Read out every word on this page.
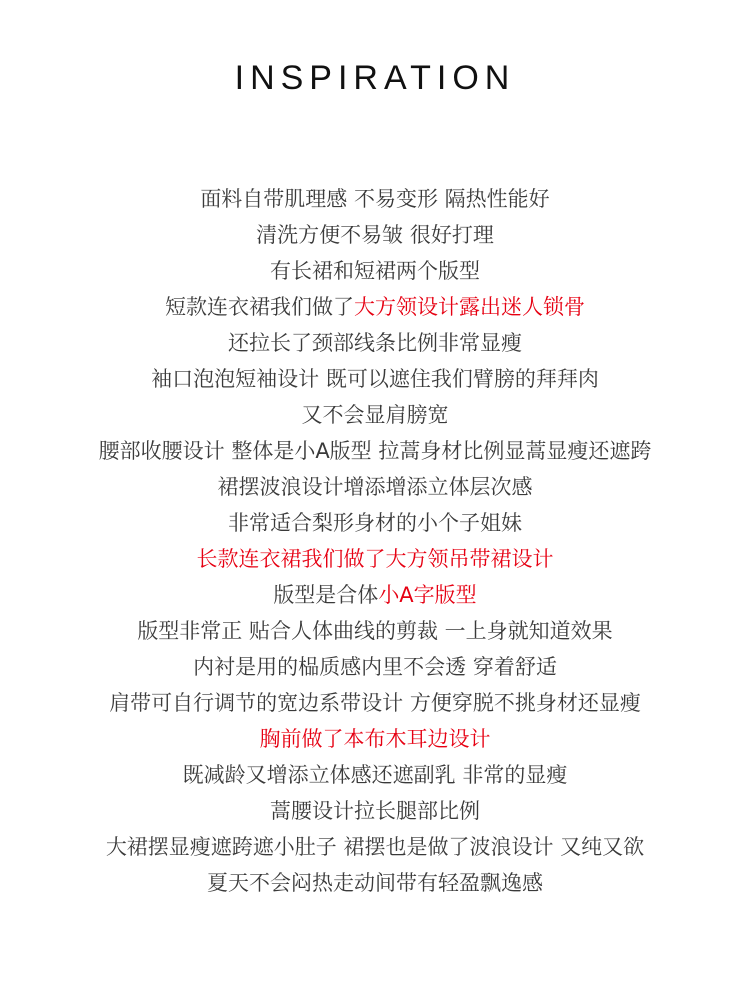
INSPIRATION
面料自带肌理感 不易变形 隔热性能好
清洗方便不易皱 很好打理
有长裙和短裙两个版型
短款连衣裙我们做了大方领设计露出迷人锁骨
还拉长了颈部线条比例非常显瘦
袖口泡泡短袖设计 既可以遮住我们臂膀的拜拜肉
又不会显肩膀宽
腰部收腰设计 整体是小A版型 拉蒿身材比例显蒿显瘦还遮跨
裙摆波浪设计增添增添立体层次感
非常适合梨形身材的小个子姐妹
长款连衣裙我们做了大方领吊带裙设计
版型是合体小A字版型
版型非常正 贴合人体曲线的剪裁 一上身就知道效果
内衬是用的榀质感内里不会透 穿着舒适
肩带可自行调节的宽边系带设计 方便穿脱不挑身材还显瘦
胸前做了本布木耳边设计
既减龄又增添立体感还遮副乳 非常的显瘦
蒿腰设计拉长腿部比例
大裙摆显瘦遮跨遮小肚子 裙摆也是做了波浪设计 又纯又欲
夏天不会闷热走动间带有轻盈飘逸感
